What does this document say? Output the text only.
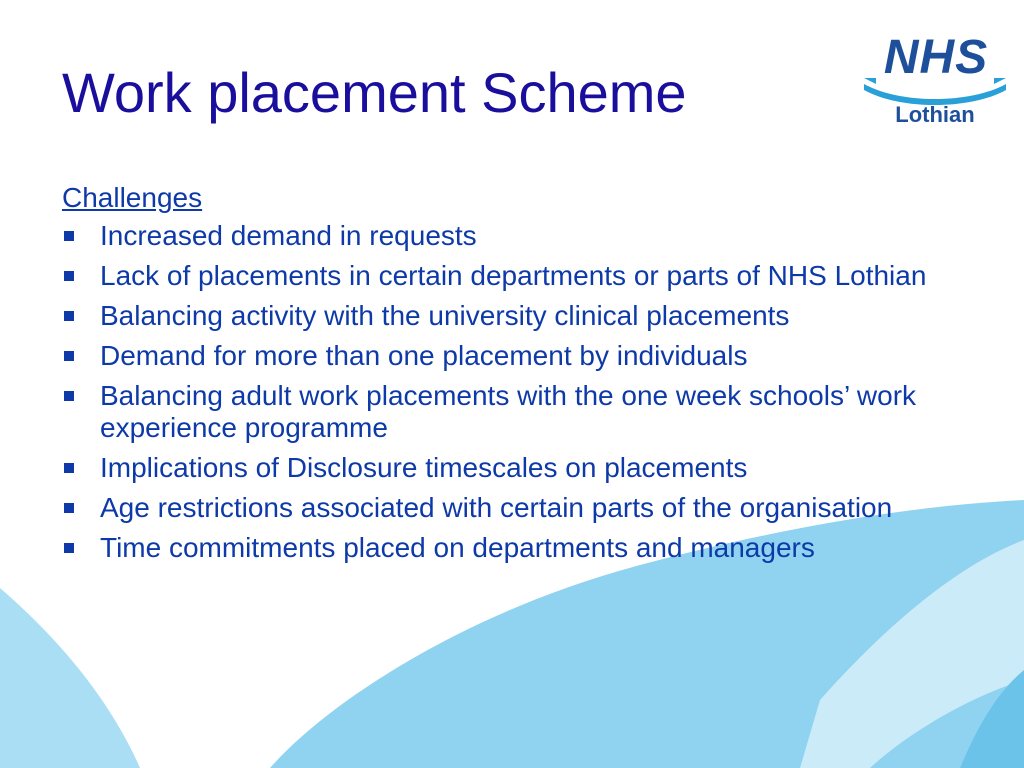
Work placement Scheme
NHS
Lothian
Challenges
Increased demand in requests
Lack of placements in certain departments or parts of NHS Lothian
Balancing activity with the university clinical placements
Demand for more than one placement by individuals
Balancing adult work placements with the one week schools’ work experience programme
Implications of Disclosure timescales on placements
Age restrictions associated with certain parts of the organisation
Time commitments placed on departments and managers
